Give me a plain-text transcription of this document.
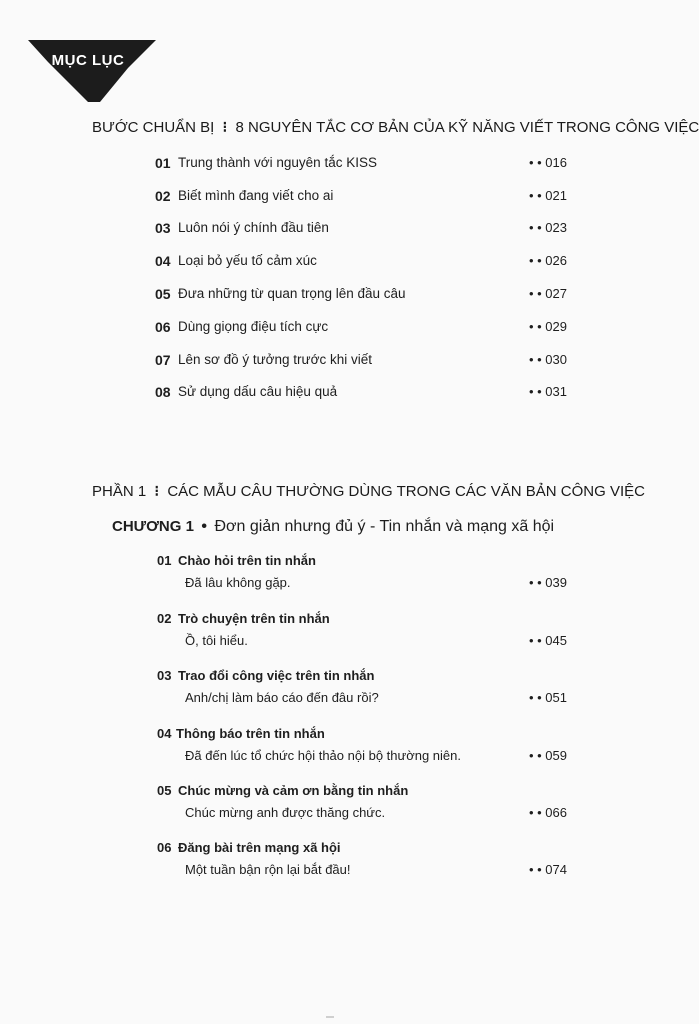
MỤC LỤC
BƯỚC CHUẨN BỊ ⁝ 8 NGUYÊN TẮC CƠ BẢN CỦA KỸ NĂNG VIẾT TRONG CÔNG VIỆC
01 Trung thành với nguyên tắc KISS	• • 016
02 Biết mình đang viết cho ai	• • 021
03 Luôn nói ý chính đầu tiên	• • 023
04 Loại bỏ yếu tố cảm xúc	• • 026
05 Đưa những từ quan trọng lên đầu câu	• • 027
06 Dùng giọng điệu tích cực	• • 029
07 Lên sơ đồ ý tưởng trước khi viết	• • 030
08 Sử dụng dấu câu hiệu quả	• • 031
PHẦN 1 ⁝ CÁC MẪU CÂU THƯỜNG DÙNG TRONG CÁC VĂN BẢN CÔNG VIỆC
CHƯƠNG 1 • Đơn giản nhưng đủ ý - Tin nhắn và mạng xã hội
01 Chào hỏi trên tin nhắn
Đã lâu không gặp.	• • 039
02 Trò chuyện trên tin nhắn
Ồ, tôi hiểu.	• • 045
03 Trao đổi công việc trên tin nhắn
Anh/chị làm báo cáo đến đâu rồi?	• • 051
04 Thông báo trên tin nhắn
Đã đến lúc tổ chức hội thảo nội bộ thường niên.	• • 059
05 Chúc mừng và cảm ơn bằng tin nhắn
Chúc mừng anh được thăng chức.	• • 066
06 Đăng bài trên mạng xã hội
Một tuần bận rộn lại bắt đầu!	• • 074
